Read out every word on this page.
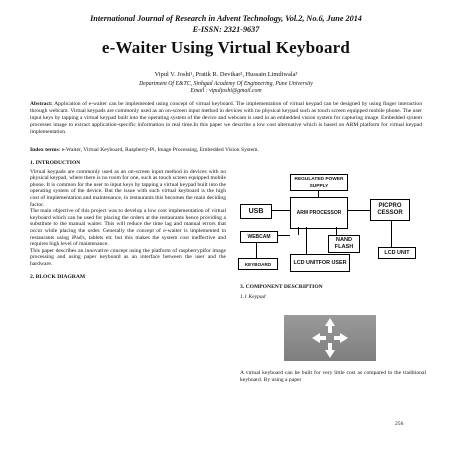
International Journal of Research in Advent Technology, Vol.2, No.6, June 2014
E-ISSN: 2321-9637
e-Waiter Using Virtual Keyboard
Vipul V. Joshi¹, Pratik R. Devikar², Hussain Limdiwala³
Department Of E&TC, Sinhgad Academy Of Engineering, Pune University
Email : vipuljoshi@gmail.com
Abstract: Application of e-waiter can be implemented using concept of virtual keyboard. The implementation of virtual keypad can be designed by using finger interaction through webcam. Virtual keypads are commonly used as an on-screen input method in devices with no physical keypad such as touch screen equipped mobile phone. The user input keys by tapping a virtual keypad built into the operating system of the device and webcam is used in an embedded vision system for capturing image. Embedded system processes image to extract application-specific information in real time.In this paper we describe a low cost alternative which is based on ARM platform for virtual keypad implementation.
Index terms: e-Waiter, Virtual Keyboard, Raspberry-Pi, Image Processing, Embedded Vision System.
1. INTRODUCTION

Virtual keypads are commonly used as an on-screen input method in devices with no physical keypad, where there is no room for one, such as touch screen equipped mobile phone. It is common for the user to input keys by tapping a virtual keypad built into the operating system of the device. But the issue with such virtual keyboard is the high cost of implementation and maintenance, in restaurants this becomes the main deciding factor.

The main objective of this project was to develop a low cost implementation of virtual keyboard which can be used for placing the orders at the restaurants hence providing a substitute to the manual waiter. This will reduce the time lag and manual errors that occur while placing the order. Generally the concept of e-waiter is implemented in restaurants using iPad's, tablets etc but this makes the system cost ineffective and requires high level of maintenance.

This paper describes an innovative concept using the platform of raspberrypifor image processing and using paper keyboard as an interface between the user and the hardware.

2. BLOCK DIAGRAM
REGULATED POWER SUPPLY
ARM PROCESSOR
USB
PICPRO CESSOR
WEBCAM
NAND FLASH
LCD UNIT
KEYBOARD	LCD UNITFOR USER
3. COMPONENT DESCRIPTION
1.1 Keypad
A virtual keyboard can be built for very little cost as compared to the traditional keyboard. By using a paper
256
